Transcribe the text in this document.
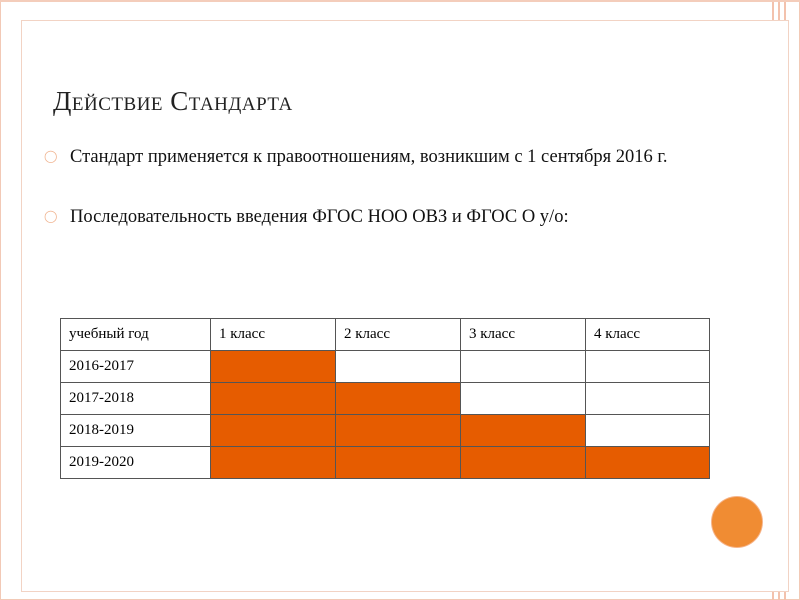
Действие Стандарта
◯ Стандарт применяется к правоотношениям, возникшим с 1 сентября 2016 г.
◯ Последовательность введения ФГОС НОО ОВЗ и ФГОС О у/о:
учебный год	1 класс	2 класс	3 класс	4 класс
2016-2017				
2017-2018				
2018-2019				
2019-2020				
